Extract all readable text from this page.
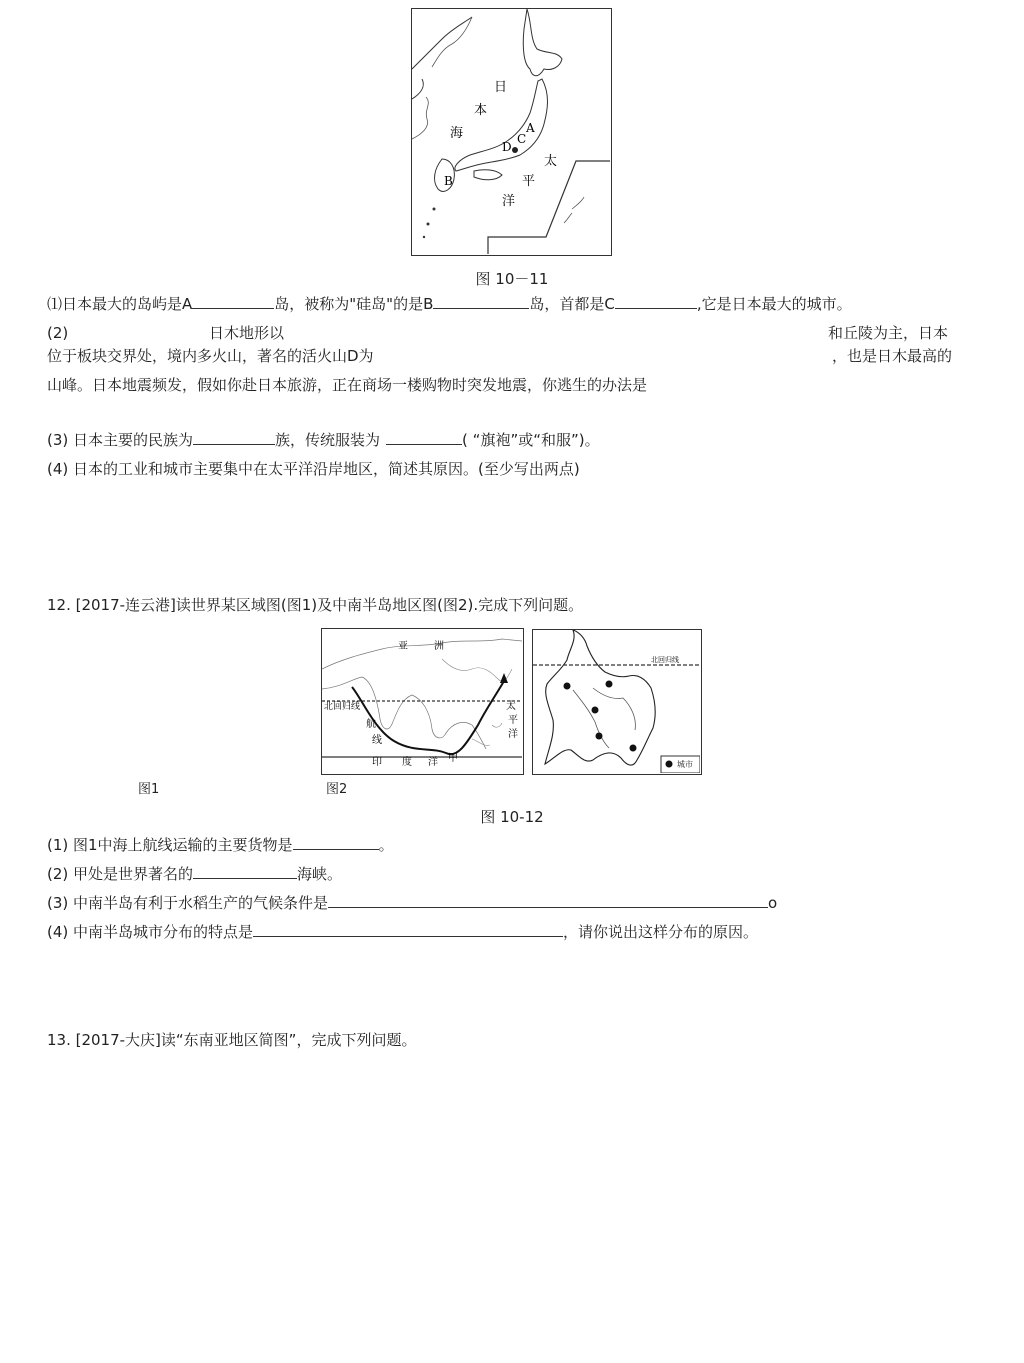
日
本
海	A
C
D
B
太
平
洋
图 10－11
⑴日本最大的岛屿是A	岛，被称为"硅岛"的是B	岛，首都是C	,它是日本最大的城市。
(2)	日木地形以	和丘陵为主，日本
位于板块交界处，境内多火山，著名的活火山D为	，也是日木最高的
山峰。日本地震频发，假如你赴日本旅游，正在商场一楼购物时突发地震，你逃生的办法是
(3) 日本主要的民族为	族，传统服装为	( “旗袍”或“和服”)。
(4) 日本的工业和城市主要集中在太平洋沿岸地区，简述其原因。(至少写出两点)
12. [2017-连云港]读世界某区域图(图1)及中南半岛地区图(图2).完成下列问题。
亚	洲
北回归线
航
线
印 度 洋 甲
太
平
洋
北回归线
城市
图1	图2
图 10-12
(1) 图1中海上航线运输的主要货物是	。
(2) 甲处是世界著名的	海峡。
(3) 中南半岛有利于水稻生产的气候条件是	o
(4) 中南半岛城市分布的特点是	，请你说出这样分布的原因。
13. [2017-大庆]读“东南亚地区简图”，完成下列问题。
